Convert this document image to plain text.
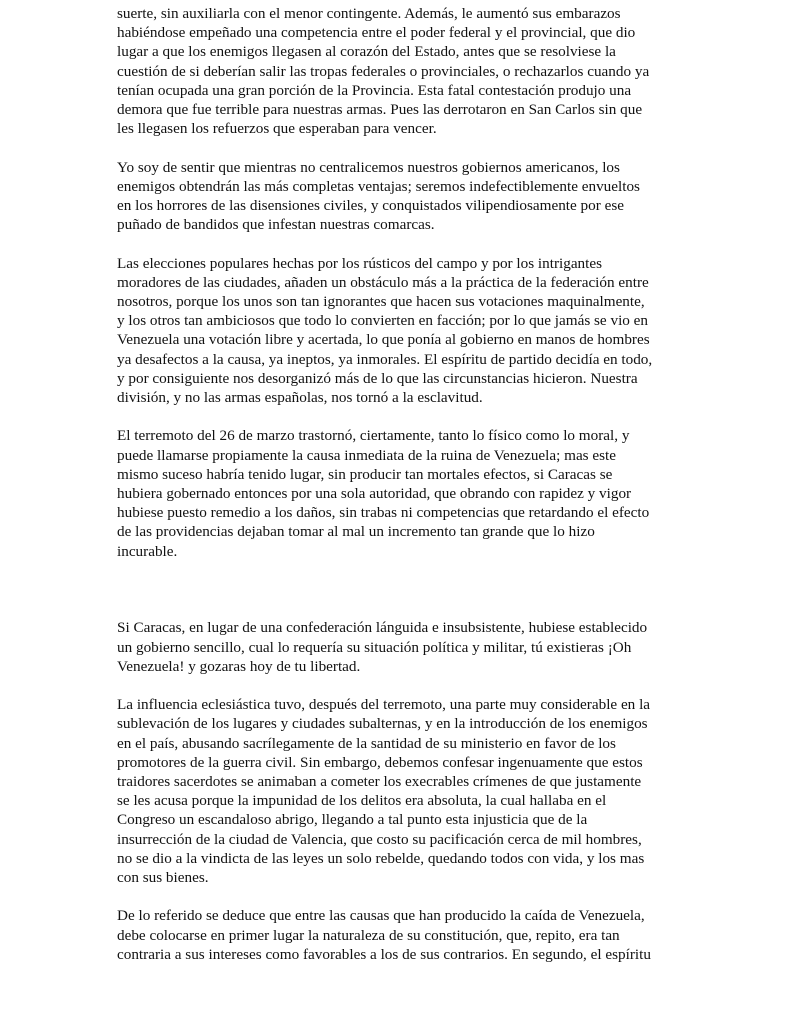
suerte, sin auxiliarla con el menor contingente. Además, le aumentó sus embarazos
habiéndose empeñado una competencia entre el poder federal y el provincial, que dio
lugar a que los enemigos llegasen al corazón del Estado, antes que se resolviese la
cuestión de si deberían salir las tropas federales o provinciales, o rechazarlos cuando ya
tenían ocupada una gran porción de la Provincia. Esta fatal contestación produjo una
demora que fue terrible para nuestras armas. Pues las derrotaron en San Carlos sin que
les llegasen los refuerzos que esperaban para vencer.

Yo soy de sentir que mientras no centralicemos nuestros gobiernos americanos, los
enemigos obtendrán las más completas ventajas; seremos indefectiblemente envueltos
en los horrores de las disensiones civiles, y conquistados vilipendiosamente por ese
puñado de bandidos que infestan nuestras comarcas.

Las elecciones populares hechas por los rústicos del campo y por los intrigantes
moradores de las ciudades, añaden un obstáculo más a la práctica de la federación entre
nosotros, porque los unos son tan ignorantes que hacen sus votaciones maquinalmente,
y los otros tan ambiciosos que todo lo convierten en facción; por lo que jamás se vio en
Venezuela una votación libre y acertada, lo que ponía al gobierno en manos de hombres
ya desafectos a la causa, ya ineptos, ya inmorales. El espíritu de partido decidía en todo,
y por consiguiente nos desorganizó más de lo que las circunstancias hicieron. Nuestra
división, y no las armas españolas, nos tornó a la esclavitud.

El terremoto del 26 de marzo trastornó, ciertamente, tanto lo físico como lo moral, y
puede llamarse propiamente la causa inmediata de la ruina de Venezuela; mas este
mismo suceso habría tenido lugar, sin producir tan mortales efectos, si Caracas se
hubiera gobernado entonces por una sola autoridad, que obrando con rapidez y vigor
hubiese puesto remedio a los daños, sin trabas ni competencias que retardando el efecto
de las providencias dejaban tomar al mal un incremento tan grande que lo hizo
incurable.

Si Caracas, en lugar de una confederación lánguida e insubsistente, hubiese establecido
un gobierno sencillo, cual lo requería su situación política y militar, tú existieras ¡Oh
Venezuela! y gozaras hoy de tu libertad.

La influencia eclesiástica tuvo, después del terremoto, una parte muy considerable en la
sublevación de los lugares y ciudades subalternas, y en la introducción de los enemigos
en el país, abusando sacrílegamente de la santidad de su ministerio en favor de los
promotores de la guerra civil. Sin embargo, debemos confesar ingenuamente que estos
traidores sacerdotes se animaban a cometer los execrables crímenes de que justamente
se les acusa porque la impunidad de los delitos era absoluta, la cual hallaba en el
Congreso un escandaloso abrigo, llegando a tal punto esta injusticia que de la
insurrección de la ciudad de Valencia, que costo su pacificación cerca de mil hombres,
no se dio a la vindicta de las leyes un solo rebelde, quedando todos con vida, y los mas
con sus bienes.

De lo referido se deduce que entre las causas que han producido la caída de Venezuela,
debe colocarse en primer lugar la naturaleza de su constitución, que, repito, era tan
contraria a sus intereses como favorables a los de sus contrarios. En segundo, el espíritu
